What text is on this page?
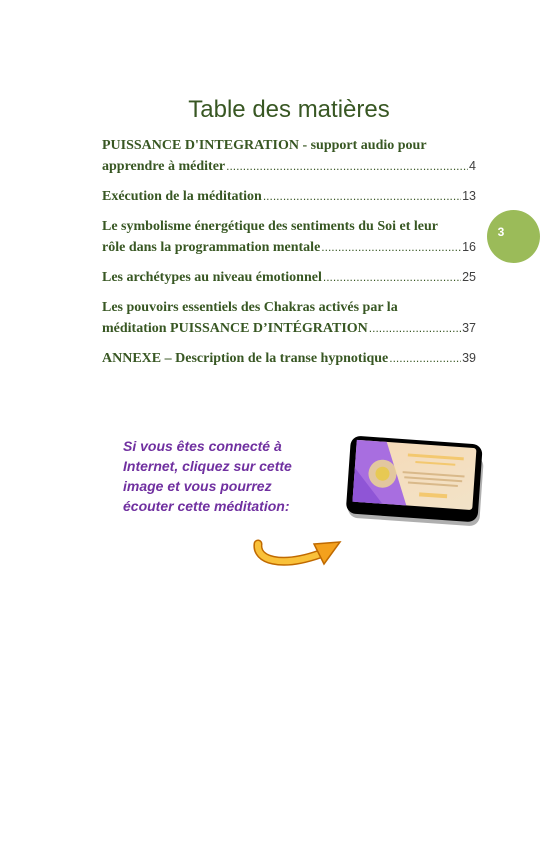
3
Table des matières
PUISSANCE D'INTEGRATION - support audio pour
apprendre à méditer .....	4
Exécution de la méditation .....	13
Le symbolisme énergétique des sentiments du Soi et leur
rôle dans la programmation mentale .....	16
Les archétypes au niveau émotionnel .....	25
Les pouvoirs essentiels des Chakras activés par la
méditation PUISSANCE D’INTÉGRATION .....	37
ANNEXE – Description de la transe hypnotique .....	39

Si vous êtes connecté à
Internet, cliquez sur cette
image et vous pourrez
écouter cette méditation:
